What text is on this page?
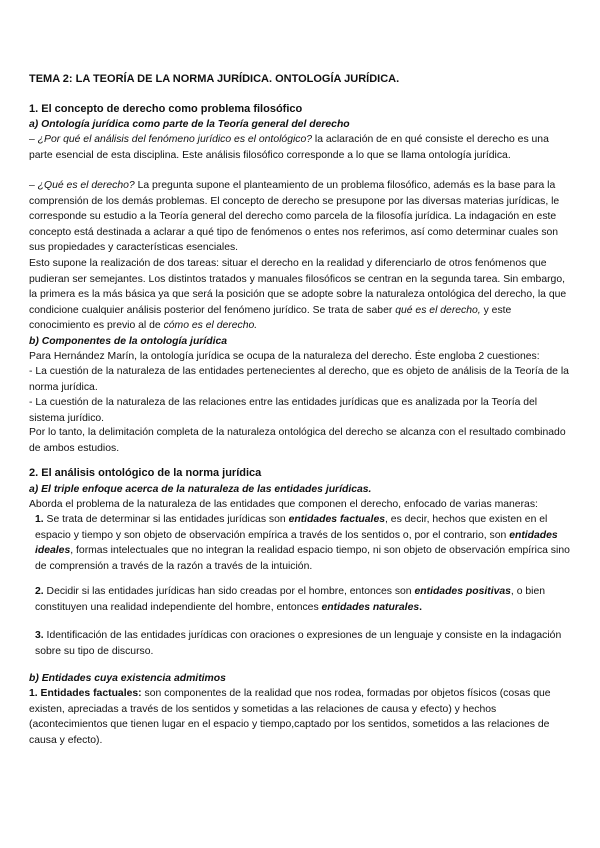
TEMA 2: LA TEORÍA DE LA NORMA JURÍDICA. ONTOLOGÍA JURÍDICA.
1. El concepto de derecho como problema filosófico
a) Ontología jurídica como parte de la Teoría general del derecho

– ¿Por qué el análisis del fenómeno jurídico es el ontológico? la aclaración de en qué consiste el derecho es una parte esencial de esta disciplina. Este análisis filosófico corresponde a lo que se llama ontología jurídica.

– ¿Qué es el derecho? La pregunta supone el planteamiento de un problema filosófico, además es la base para la comprensión de los demás problemas. El concepto de derecho se presupone por las diversas materias jurídicas, le corresponde su estudio a la Teoría general del derecho como parcela de la filosofía jurídica. La indagación en este concepto está destinada a aclarar a qué tipo de fenómenos o entes nos referimos, así como determinar cuales son sus propiedades y características esenciales.

Esto supone la realización de dos tareas: situar el derecho en la realidad y diferenciarlo de otros fenómenos que pudieran ser semejantes. Los distintos tratados y manuales filosóficos se centran en la segunda tarea. Sin embargo, la primera es la más básica ya que será la posición que se adopte sobre la naturaleza ontológica del derecho, la que condicione cualquier análisis posterior del fenómeno jurídico. Se trata de saber qué es el derecho, y este conocimiento es previo al de cómo es el derecho.

b) Componentes de la ontología jurídica

Para Hernández Marín, la ontología jurídica se ocupa de la naturaleza del derecho. Éste engloba 2 cuestiones:

- La cuestión de la naturaleza de las entidades pertenecientes al derecho, que es objeto de análisis de la Teoría de la norma jurídica.

- La cuestión de la naturaleza de las relaciones entre las entidades jurídicas que es analizada por la Teoría del sistema jurídico.

Por lo tanto, la delimitación completa de la naturaleza ontológica del derecho se alcanza con el resultado combinado de ambos estudios.

2. El análisis ontológico de la norma jurídica
a) El triple enfoque acerca de la naturaleza de las entidades jurídicas.

Aborda el problema de la naturaleza de las entidades que componen el derecho, enfocado de varias maneras:

1. Se trata de determinar si las entidades jurídicas son entidades factuales, es decir, hechos que existen en el espacio y tiempo y son objeto de observación empírica a través de los sentidos o, por el contrario, son entidades ideales, formas intelectuales que no integran la realidad espacio tiempo, ni son objeto de observación empírica sino de comprensión a través de la razón a través de la intuición.

2. Decidir si las entidades jurídicas han sido creadas por el hombre, entonces son entidades positivas, o bien constituyen una realidad independiente del hombre, entonces entidades naturales.

3. Identificación de las entidades jurídicas con oraciones o expresiones de un lenguaje y consiste en la indagación sobre su tipo de discurso.

b) Entidades cuya existencia admitimos

1. Entidades factuales: son componentes de la realidad que nos rodea, formadas por objetos físicos (cosas que existen, apreciadas a través de los sentidos y sometidas a las relaciones de causa y efecto) y hechos (acontecimientos que tienen lugar en el espacio y tiempo,captado por los sentidos, sometidos a las relaciones de causa y efecto).
